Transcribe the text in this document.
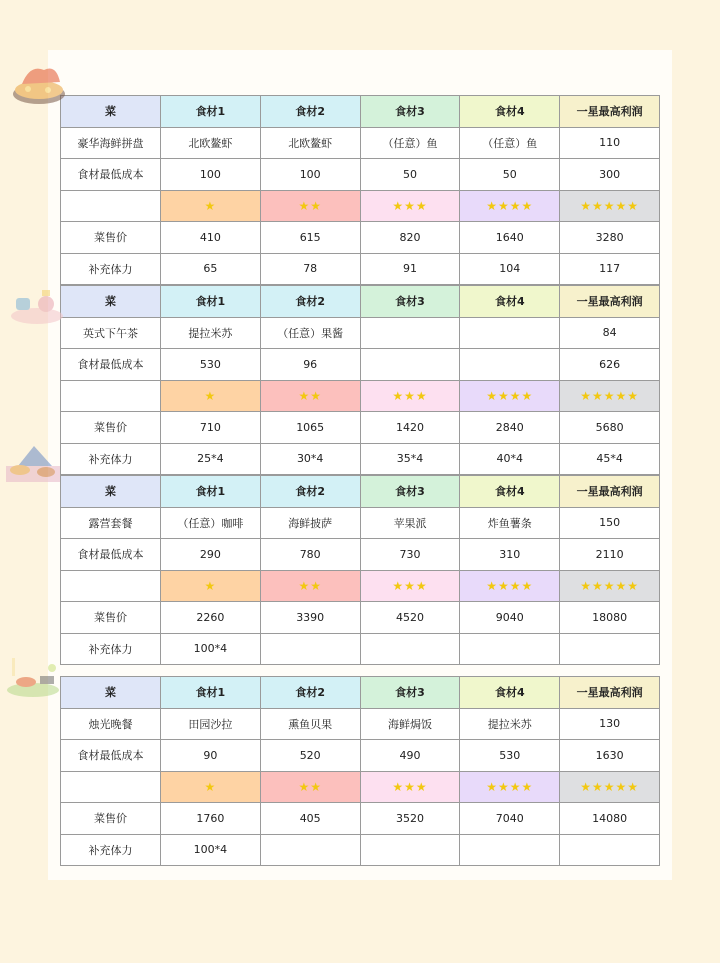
菜	食材1	食材2	食材3	食材4	一星最高利润
豪华海鲜拼盘	北欧鳌虾	北欧鳌虾	（任意）鱼	（任意）鱼	110
食材最低成本	100	100	50	50	300
	★	★★	★★★	★★★★	★★★★★
菜售价	410	615	820	1640	3280
补充体力	65	78	91	104	117
菜	食材1	食材2	食材3	食材4	一星最高利润
英式下午茶	提拉米苏	（任意）果酱			84
食材最低成本	530	96			626
	★	★★	★★★	★★★★	★★★★★
菜售价	710	1065	1420	2840	5680
补充体力	25*4	30*4	35*4	40*4	45*4
菜	食材1	食材2	食材3	食材4	一星最高利润
露营套餐	（任意）咖啡	海鲜披萨	苹果派	炸鱼薯条	150
食材最低成本	290	780	730	310	2110
	★	★★	★★★	★★★★	★★★★★
菜售价	2260	3390	4520	9040	18080
补充体力	100*4				
菜	食材1	食材2	食材3	食材4	一星最高利润
烛光晚餐	田园沙拉	熏鱼贝果	海鲜焗饭	提拉米苏	130
食材最低成本	90	520	490	530	1630
	★	★★	★★★	★★★★	★★★★★
菜售价	1760	405	3520	7040	14080
补充体力	100*4				
